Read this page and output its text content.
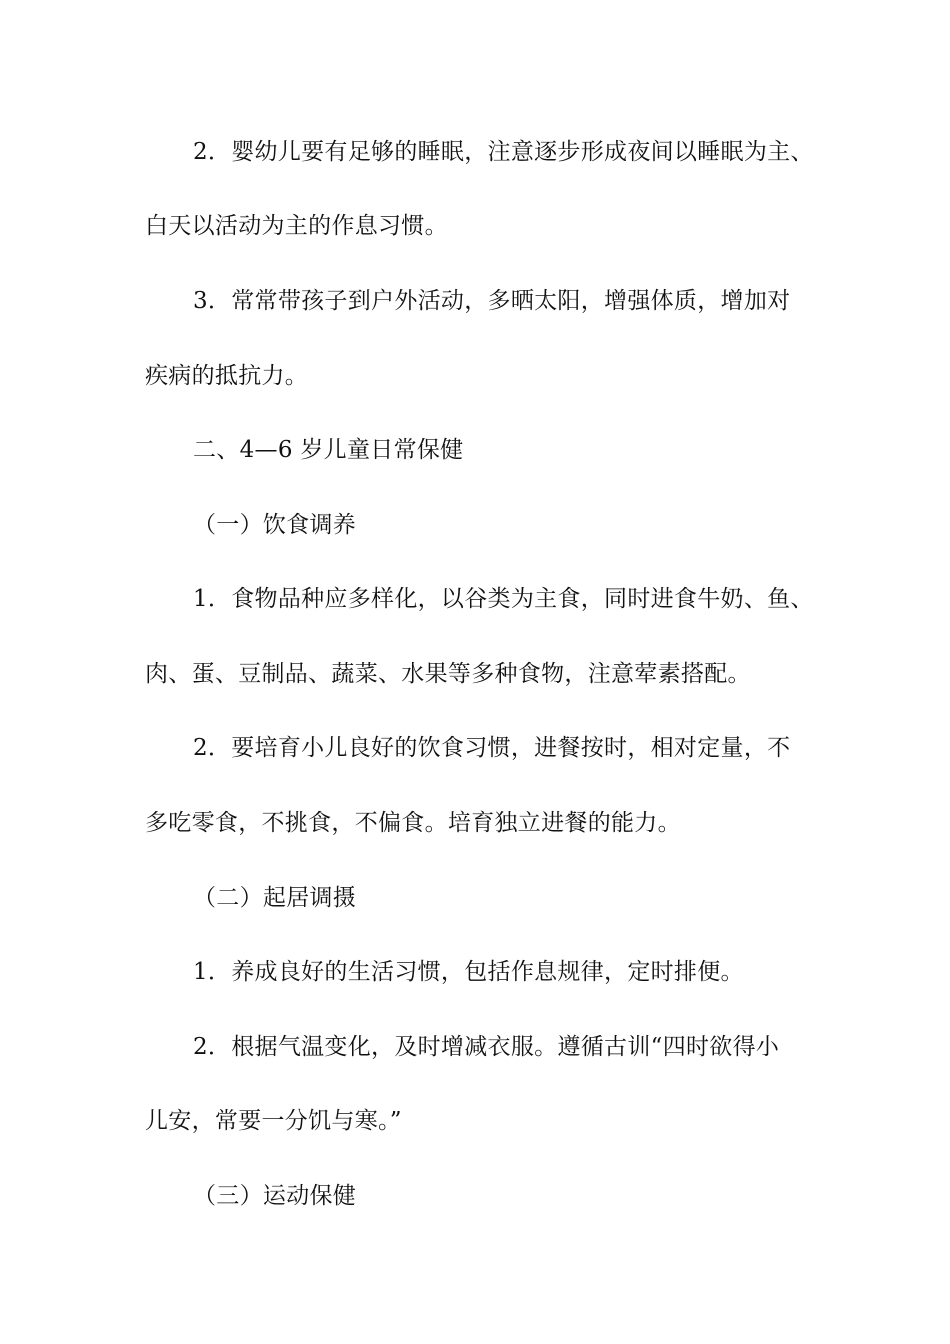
2．婴幼儿要有足够的睡眠，注意逐步形成夜间以睡眠为主、
白天以活动为主的作息习惯。
3．常常带孩子到户外活动，多晒太阳，增强体质，增加对
疾病的抵抗力。
二、4—6 岁儿童日常保健
（一）饮食调养
1．食物品种应多样化，以谷类为主食，同时进食牛奶、鱼、
肉、蛋、豆制品、蔬菜、水果等多种食物，注意荤素搭配。
2．要培育小儿良好的饮食习惯，进餐按时，相对定量，不
多吃零食，不挑食，不偏食。培育独立进餐的能力。
（二）起居调摄
1．养成良好的生活习惯，包括作息规律，定时排便。
2．根据气温变化，及时增减衣服。遵循古训“四时欲得小
儿安，常要一分饥与寒。”
（三）运动保健
